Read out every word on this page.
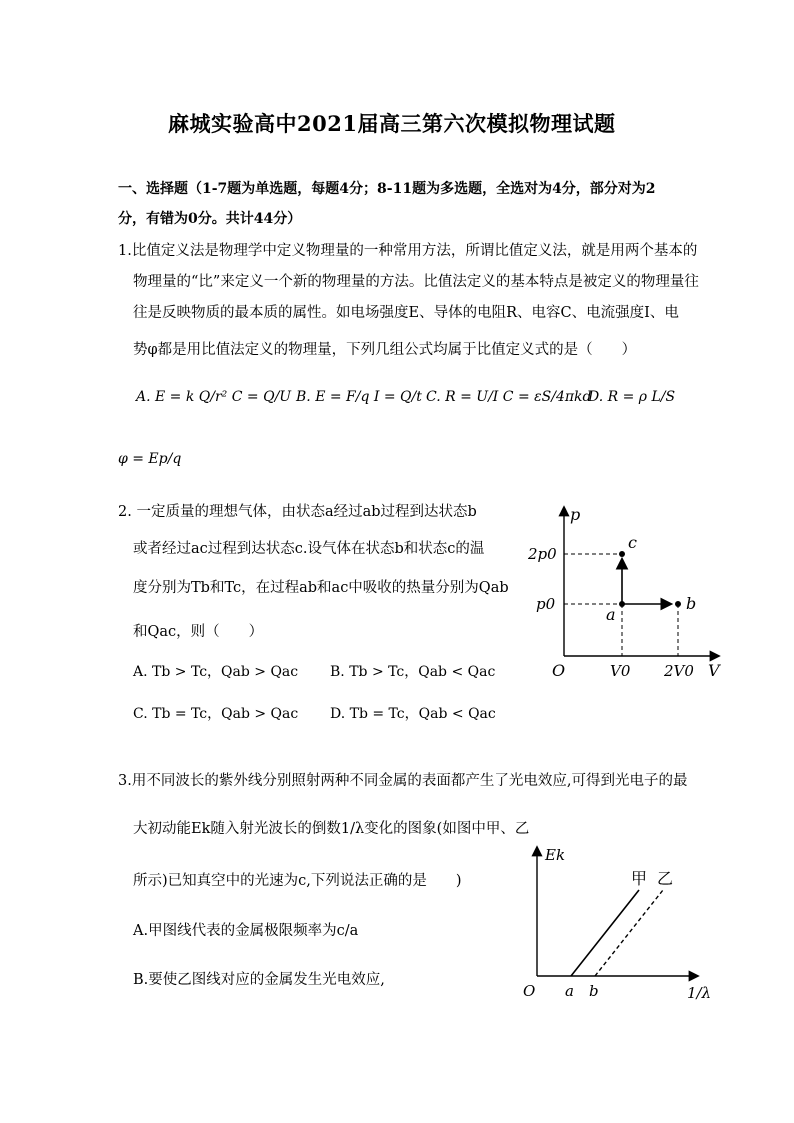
麻城实验高中2021届高三第六次模拟物理试题
一、选择题（1-7题为单选题，每题4分；8-11题为多选题，全选对为4分，部分对为2
分，有错为0分。共计44分）
1.比值定义法是物理学中定义物理量的一种常用方法，所谓比值定义法，就是用两个基本的
物理量的“比”来定义一个新的物理量的方法。比值法定义的基本特点是被定义的物理量往
往是反映物质的最本质的属性。如电场强度E、导体的电阻R、电容C、电流强度I、电
势φ都是用比值法定义的物理量，下列几组公式均属于比值定义式的是（　　）
A. E = k Q/r² C = Q/U B. E = F/q I = Q/t C. R = U/I C = εS/4πkd
D. R = ρ L/S
φ = Ep/q
2. 一定质量的理想气体，由状态a经过ab过程到达状态b
或者经过ac过程到达状态c.设气体在状态b和状态c的温
度分别为Tb和Tc，在过程ab和ac中吸收的热量分别为Qab
和Qac，则（　　）
A. Tb > Tc，Qab > Qac B. Tb > Tc，Qab < Qac
C. Tb = Tc，Qab > Qac D. Tb = Tc，Qab < Qac
p
V
O
2p0
p0
V0 2V0
a
b
c
3.用不同波长的紫外线分别照射两种不同金属的表面都产生了光电效应,可得到光电子的最
大初动能Ek随入射光波长的倒数1/λ变化的图象(如图中甲、乙
所示)已知真空中的光速为c,下列说法正确的是　　)
A.甲图线代表的金属极限频率为c/a
B.要使乙图线对应的金属发生光电效应,
Ek
O a b	1/λ
甲 乙
